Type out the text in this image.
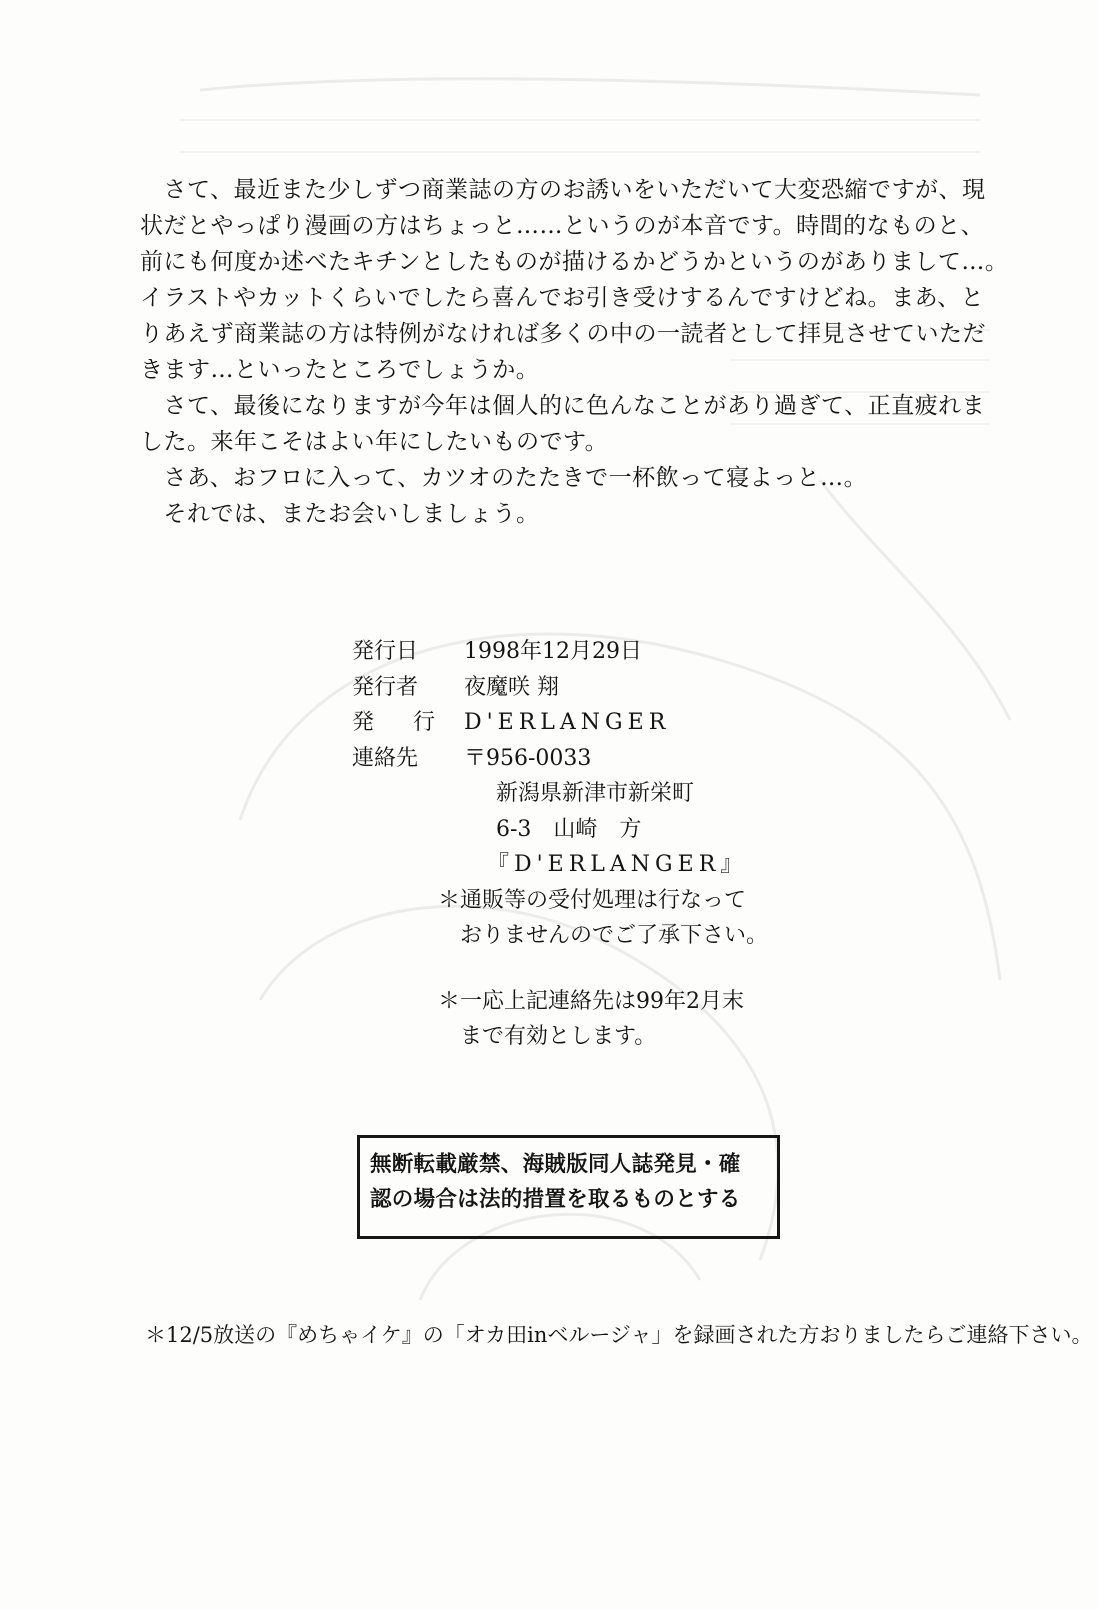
　さて、最近また少しずつ商業誌の方のお誘いをいただいて大変恐縮ですが、現

状だとやっぱり漫画の方はちょっと……というのが本音です。時間的なものと、

前にも何度か述べたキチンとしたものが描けるかどうかというのがありまして…。

イラストやカットくらいでしたら喜んでお引き受けするんですけどね。まあ、と

りあえず商業誌の方は特例がなければ多くの中の一読者として拝見させていただ

きます…といったところでしょうか。

　さて、最後になりますが今年は個人的に色んなことがあり過ぎて、正直疲れま

した。来年こそはよい年にしたいものです。

　さあ、おフロに入って、カツオのたたきで一杯飲って寝よっと…。

　それでは、またお会いしましょう。

発行日	1998年12月29日
発行者	夜魔咲 翔
発 行 D'ERLANGER
連絡先	〒956-0033
新潟県新津市新栄町
6-3　山崎　方
『D'ERLANGER』
＊通販等の受付処理は行なって
おりませんのでご了承下さい。
＊一応上記連絡先は99年2月末
まで有効とします。
無断転載厳禁、海賊版同人誌発見・確
認の場合は法的措置を取るものとする
＊12/5放送の『めちゃイケ』の「オカ田inベルージャ」を録画された方おりましたらご連絡下さい。
